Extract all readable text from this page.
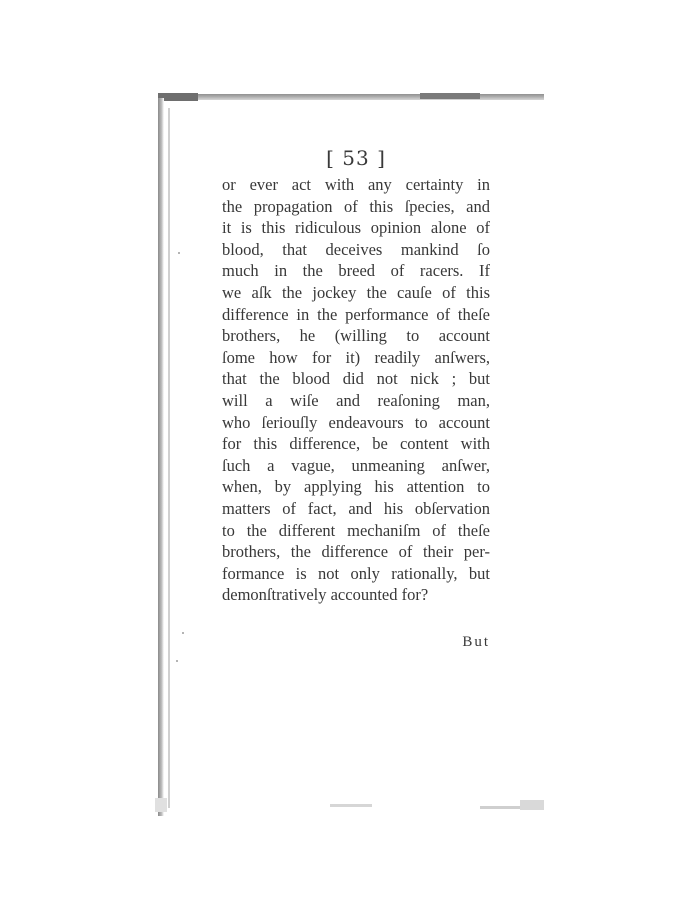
[ 53 ]
or ever act with any certainty in
the propagation of this ſpecies, and
it is this ridiculous opinion alone of
blood, that deceives mankind ſo
much in the breed of racers. If
we aſk the jockey the cauſe of this
difference in the performance of theſe
brothers, he (willing to account
ſome how for it) readily anſwers,
that the blood did not nick ; but
will a wiſe and reaſoning man,
who ſeriouſly endeavours to account
for this difference, be content with
ſuch a vague, unmeaning anſwer,
when, by applying his attention to
matters of fact, and his obſervation
to the different mechaniſm of theſe
brothers, the difference of their per-
formance is not only rationally, but
demonſtratively accounted for?
But
